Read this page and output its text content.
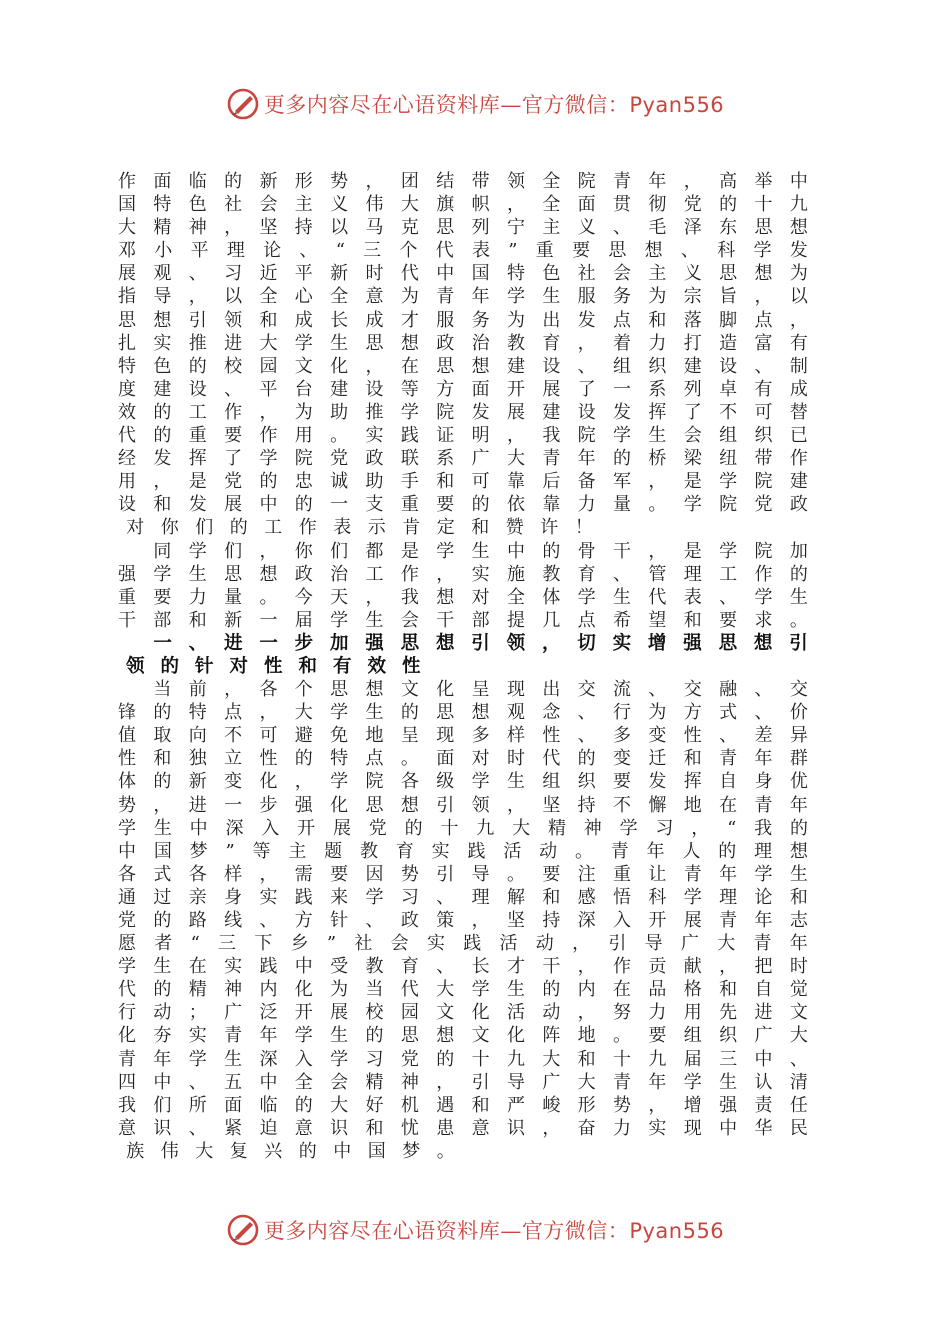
更多内容尽在心语资料库—官方微信：Pyan556
作 面 临 的 新 形 势 ， 团 结 带 领 全 院 青 年 ， 高 举 中
国 特 色 社 会 主 义 伟 大 旗 帜 ， 全 面 贯 彻 党 的 十 九
大 精 神 ， 坚 持 以 马 克 思 列 宁 主 义 、 毛 泽 东 思 想
邓 小 平 理 论 、 “ 三 个 代 表 ” 重 要 思 想 、 科 学 发
展 观 、 习 近 平 新 时 代 中 国 特 色 社 会 主 义 思 想 为
指 导 ， 以 全 心 全 意 为 青 年 学 生 服 务 为 宗 旨 ， 以
思 想 引 领 和 成 长 成 才 服 务 为 出 发 点 和 落 脚 点 ，
扎 实 推 进 大 学 生 思 想 政 治 教 育 ， 着 力 打 造 富 有
特 色 的 校 园 文 化 ， 在 思 想 建 设 、 组 织 建 设 、 制
度 建 设 、 平 台 建 设 等 方 面 开 展 了 一 系 列 卓 有 成
效 的 工 作 ， 为 助 推 学 院 发 展 建 设 发 挥 了 不 可 替
代 的 重 要 作 用 。 实 践 证 明 ， 我 院 学 生 会 组 织 已
经 发 挥 了 学 院 党 政 联 系 广 大 青 年 的 桥 梁 纽 带 作
用 ， 是 党 的 忠 诚 助 手 和 可 靠 后 备 军 ， 是 学 院 建
设 和 发 展 中 的 一 支 重 要 的 依 靠 力 量 。 学 院 党 政
对 你 们 的 工 作 表 示 肯 定 和 赞 许 ！

同 学 们 ， 你 们 都 是 学 生 中 的 骨 干 ， 是 学 院 加
强 学 生 思 想 政 治 工 作 ， 实 施 教 育 、 管 理 工 作 的
重 要 力 量 。 今 天 ， 我 想 对 全 体 学 生 代 表 、 学 生
干 部 和 新 一 届 学 生 会 干 部 提 几 点 希 望 和 要 求 。

一 、 进 一 步 加 强 思 想 引 领 ， 切 实 增 强 思 想 引
领 的 针 对 性 和 有 效 性

当 前 ， 各 个 思 想 文 化 呈 现 出 交 流 、 交 融 、 交
锋 的 特 点 ， 大 学 生 的 思 想 观 念 、 行 为 方 式 、 价
值 取 向 不 可 避 免 地 呈 现 多 样 性 、 多 变 性 、 差 异
性 和 独 立 性 的 特 点 。 面 对 时 代 的 变 迁 和 青 年 群
体 的 新 变 化 ， 学 院 各 级 学 生 组 织 要 发 挥 自 身 优
势 ， 进 一 步 强 化 思 想 引 领 ， 坚 持 不 懈 地 在 青 年
学 生 中 深 入 开 展 党 的 十 九 大 精 神 学 习 ， “ 我 的
中 国 梦 ” 等 主 题 教 育 实 践 活 动 。 青 年 人 的 理 想
各 式 各 样 ， 需 要 因 势 引 导 。 要 注 重 让 青 年 学 生
通 过 亲 身 实 践 来 学 习 、 理 解 和 感 悟 科 学 理 论 和
党 的 路 线 、 方 针 、 政 策 ， 坚 持 深 入 开 展 青 年 志
愿 者 “ 三 下 乡 ” 社 会 实 践 活 动 ， 引 导 广 大 青 年
学 生 在 实 践 中 受 教 育 、 长 才 干 ， 作 贡 献 ， 把 时
代 的 精 神 内 化 为 当 代 大 学 生 的 内 在 品 格 和 自 觉
行 动 ； 广 泛 开 展 校 园 文 化 活 动 ， 努 力 用 先 进 文
化 夯 实 青 年 学 生 的 思 想 文 化 阵 地 。 要 组 织 广 大
青 年 学 生 深 入 学 习 党 的 十 九 大 和 十 九 届 三 中 、
四 中 、 五 中 全 会 精 神 ， 引 导 广 大 青 年 学 生 认 清
我 们 所 面 临 的 大 好 机 遇 和 严 峻 形 势 ， 增 强 责 任
意 识 、 紧 迫 意 识 和 忧 患 意 识 ， 奋 力 实 现 中 华 民
族 伟 大 复 兴 的 中 国 梦 。
更多内容尽在心语资料库—官方微信：Pyan556
